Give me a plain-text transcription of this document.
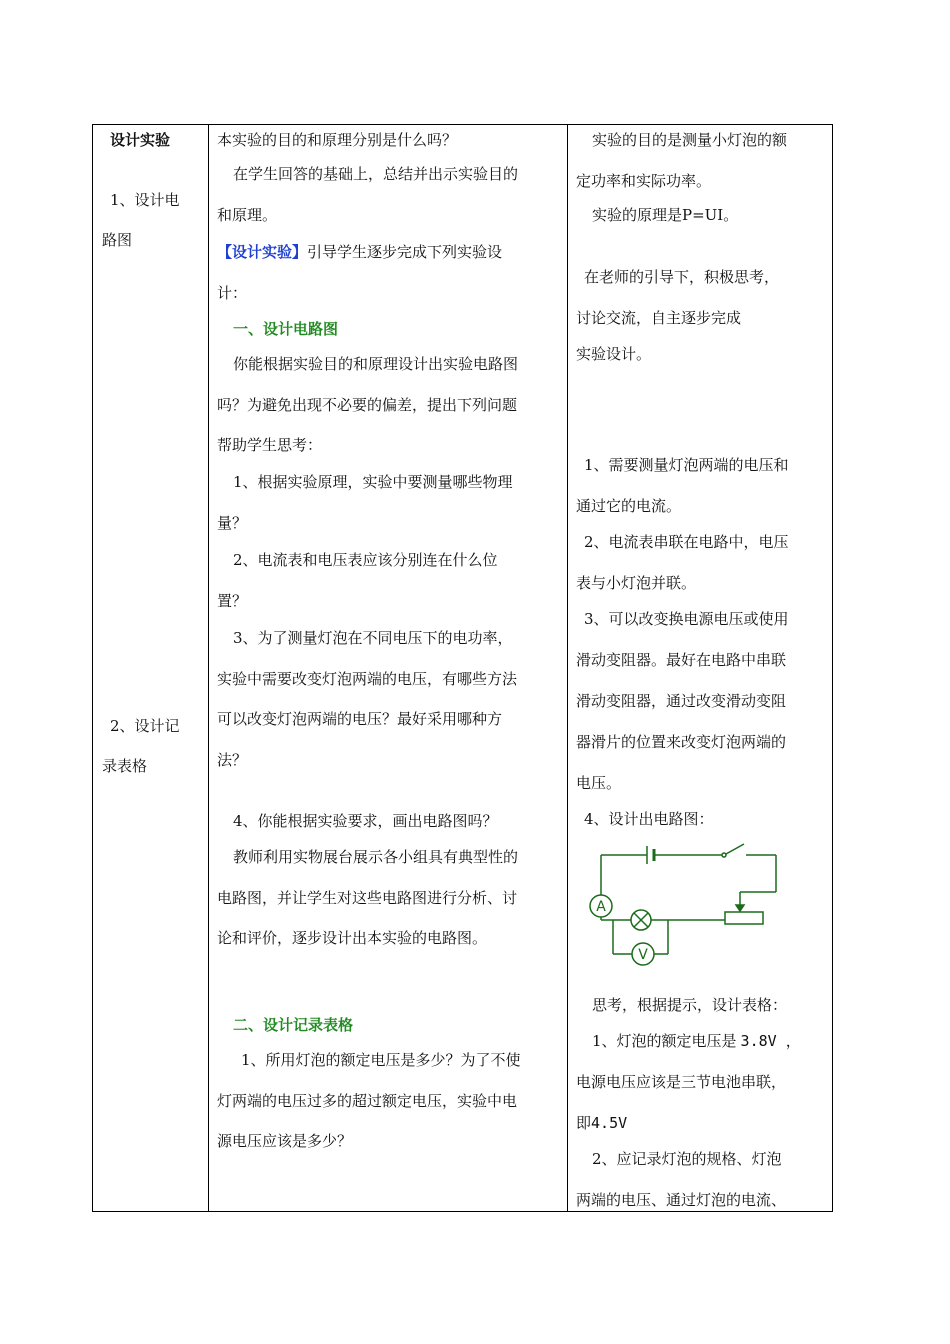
设计实验
1、设计电
路图
2、设计记
录表格
本实验的目的和原理分别是什么吗？
在学生回答的基础上，总结并出示实验目的
和原理。
【设计实验】引导学生逐步完成下列实验设
计：
一、设计电路图
你能根据实验目的和原理设计出实验电路图
吗？为避免出现不必要的偏差，提出下列问题
帮助学生思考：
1、根据实验原理，实验中要测量哪些物理
量？
2、电流表和电压表应该分别连在什么位
置？
3、为了测量灯泡在不同电压下的电功率，
实验中需要改变灯泡两端的电压，有哪些方法
可以改变灯泡两端的电压？最好采用哪种方
法？
4、你能根据实验要求，画出电路图吗？
教师利用实物展台展示各小组具有典型性的
电路图，并让学生对这些电路图进行分析、讨
论和评价，逐步设计出本实验的电路图。
二、设计记录表格
1、所用灯泡的额定电压是多少？为了不使
灯两端的电压过多的超过额定电压，实验中电
源电压应该是多少？
实验的目的是测量小灯泡的额
定功率和实际功率。
实验的原理是P=UI。
在老师的引导下，积极思考，
讨论交流，自主逐步完成
实验设计。
1、需要测量灯泡两端的电压和
通过它的电流。
2、电流表串联在电路中，电压
表与小灯泡并联。
3、可以改变换电源电压或使用
滑动变阻器。最好在电路中串联
滑动变阻器，通过改变滑动变阻
器滑片的位置来改变灯泡两端的
电压。
4、设计出电路图：
A
V
思考，根据提示，设计表格：
1、灯泡的额定电压是 3.8V ，
电源电压应该是三节电池串联，
即4.5V
2、应记录灯泡的规格、灯泡
两端的电压、通过灯泡的电流、
